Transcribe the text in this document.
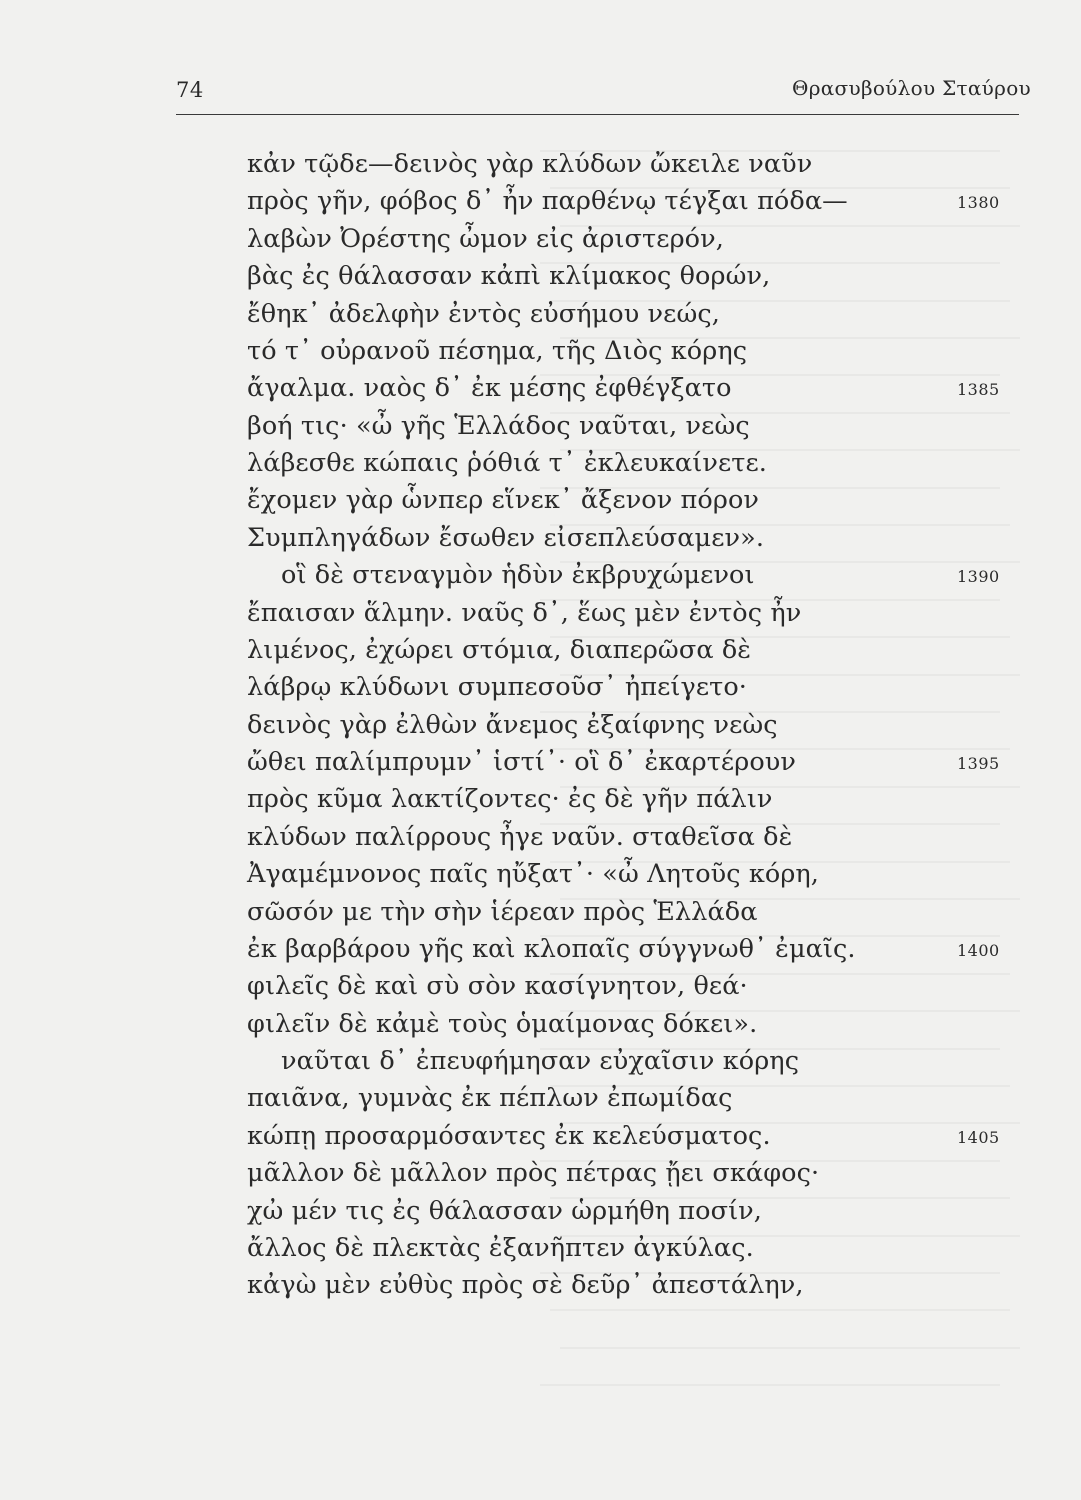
74	Θρασυβούλου Σταύρου
κἀν τῷδε—δεινὸς γὰρ κλύδων ὤκειλε ναῦν
πρὸς γῆν, φόβος δ᾽ ἦν παρθένῳ τέγξαι πόδα—
λαβὼν Ὀρέστης ὦμον εἰς ἀριστερόν,
βὰς ἐς θάλασσαν κἀπὶ κλίμακος θορών,
ἔθηκ᾽ ἀδελφὴν ἐντὸς εὐσήμου νεώς,
τό τ᾽ οὐρανοῦ πέσημα, τῆς Διὸς κόρης
ἄγαλμα. ναὸς δ᾽ ἐκ μέσης ἐφθέγξατο
βοή τις· «ὦ γῆς Ἑλλάδος ναῦται, νεὼς
λάβεσθε κώπαις ῥόθιά τ᾽ ἐκλευκαίνετε.
ἔχομεν γὰρ ὧνπερ εἵνεκ᾽ ἄξενον πόρον
Συμπληγάδων ἔσωθεν εἰσεπλεύσαμεν».
οἳ δὲ στεναγμὸν ἡδὺν ἐκβρυχώμενοι
ἔπαισαν ἅλμην. ναῦς δ᾽, ἕως μὲν ἐντὸς ἦν
λιμένος, ἐχώρει στόμια, διαπερῶσα δὲ
λάβρῳ κλύδωνι συμπεσοῦσ᾽ ἠπείγετο·
δεινὸς γὰρ ἐλθὼν ἄνεμος ἐξαίφνης νεὼς
ὤθει παλίμπρυμν᾽ ἱστί᾽· οἳ δ᾽ ἐκαρτέρουν
πρὸς κῦμα λακτίζοντες· ἐς δὲ γῆν πάλιν
κλύδων παλίρρους ἦγε ναῦν. σταθεῖσα δὲ
Ἀγαμέμνονος παῖς ηὔξατ᾽· «ὦ Λητοῦς κόρη,
σῶσόν με τὴν σὴν ἱέρεαν πρὸς Ἑλλάδα
ἐκ βαρβάρου γῆς καὶ κλοπαῖς σύγγνωθ᾽ ἐμαῖς.
φιλεῖς δὲ καὶ σὺ σὸν κασίγνητον, θεά·
φιλεῖν δὲ κἀμὲ τοὺς ὁμαίμονας δόκει».
ναῦται δ᾽ ἐπευφήμησαν εὐχαῖσιν κόρης
παιᾶνα, γυμνὰς ἐκ πέπλων ἐπωμίδας
κώπῃ προσαρμόσαντες ἐκ κελεύσματος.
μᾶλλον δὲ μᾶλλον πρὸς πέτρας ᾔει σκάφος·
χὠ μέν τις ἐς θάλασσαν ὡρμήθη ποσίν,
ἄλλος δὲ πλεκτὰς ἐξανῆπτεν ἀγκύλας.
κἀγὼ μὲν εὐθὺς πρὸς σὲ δεῦρ᾽ ἀπεστάλην,
1380
1385
1390
1395
1400
1405
